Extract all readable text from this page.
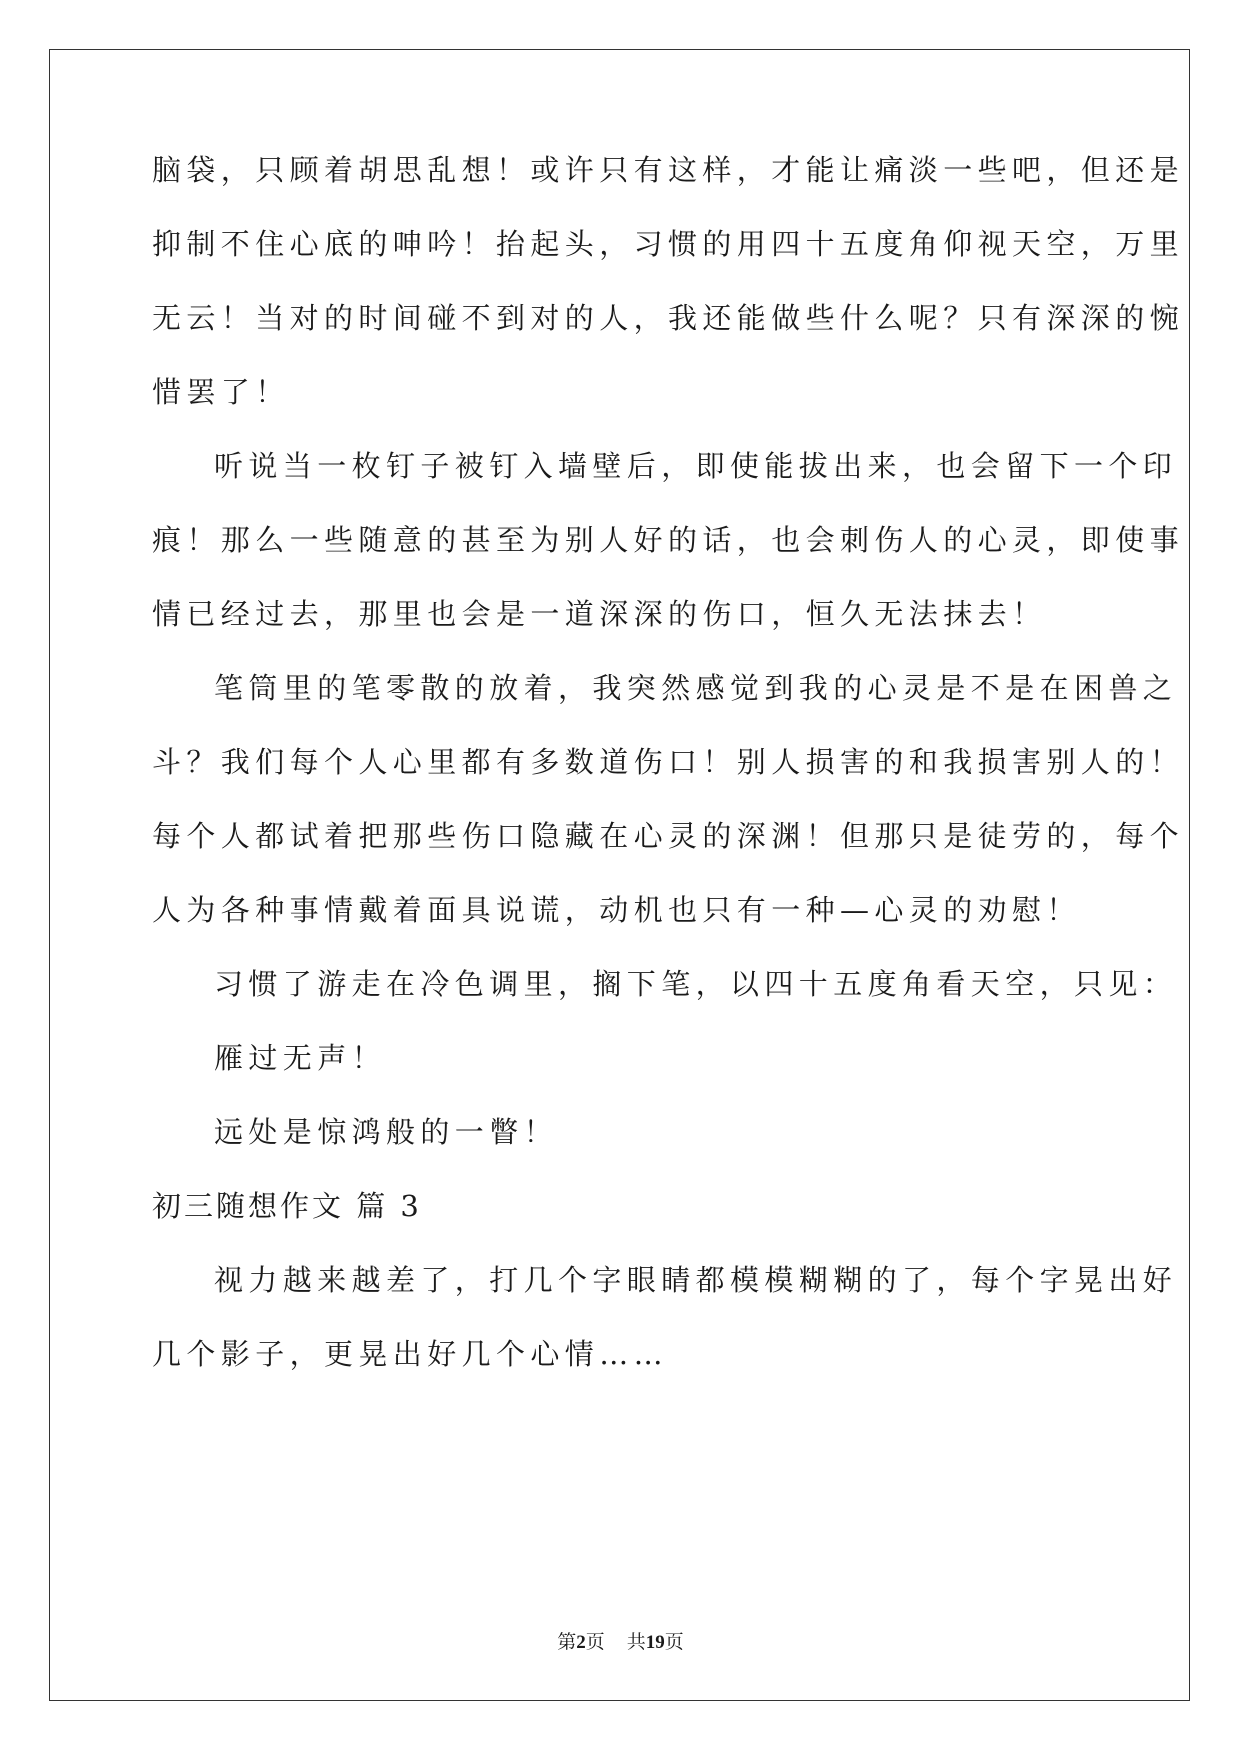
脑袋，只顾着胡思乱想！或许只有这样，才能让痛淡一些吧，但还是
抑制不住心底的呻吟！抬起头，习惯的用四十五度角仰视天空，万里
无云！当对的时间碰不到对的人，我还能做些什么呢？只有深深的惋
惜罢了！
听说当一枚钉子被钉入墙壁后，即使能拔出来，也会留下一个印
痕！那么一些随意的甚至为别人好的话，也会刺伤人的心灵，即使事
情已经过去，那里也会是一道深深的伤口，恒久无法抹去！
笔筒里的笔零散的放着，我突然感觉到我的心灵是不是在困兽之
斗？我们每个人心里都有多数道伤口！别人损害的和我损害别人的！
每个人都试着把那些伤口隐藏在心灵的深渊！但那只是徒劳的，每个
人为各种事情戴着面具说谎，动机也只有一种—心灵的劝慰！
习惯了游走在冷色调里，搁下笔，以四十五度角看天空，只见：
雁过无声！
远处是惊鸿般的一瞥！
初三随想作文 篇 3
视力越来越差了，打几个字眼睛都模模糊糊的了，每个字晃出好
几个影子，更晃出好几个心情……
第2页 共19页
